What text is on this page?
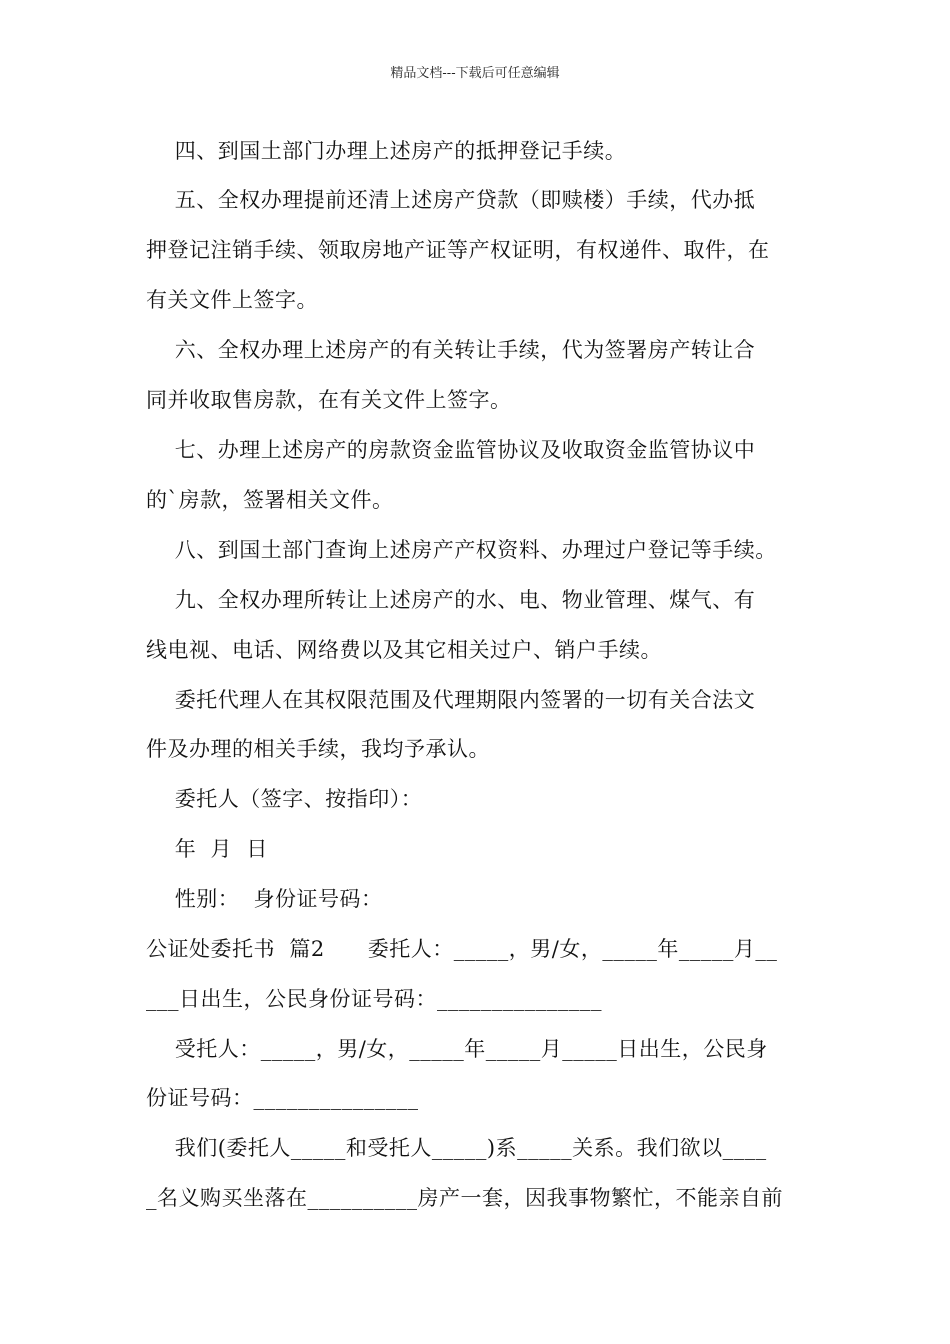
精品文档---下载后可任意编辑
四、到国土部门办理上述房产的抵押登记手续。
五、全权办理提前还清上述房产贷款（即赎楼）手续，代办抵
押登记注销手续、领取房地产证等产权证明，有权递件、取件，在
有关文件上签字。
六、全权办理上述房产的有关转让手续，代为签署房产转让合
同并收取售房款，在有关文件上签字。
七、办理上述房产的房款资金监管协议及收取资金监管协议中
的`房款，签署相关文件。
八、到国土部门查询上述房产产权资料、办理过户登记等手续。
九、全权办理所转让上述房产的水、电、物业管理、煤气、有
线电视、电话、网络费以及其它相关过户、销户手续。
委托代理人在其权限范围及代理期限内签署的一切有关合法文
件及办理的相关手续，我均予承认。
委托人（签字、按指印）：
年  月  日
性别：  身份证号码：
公证处委托书  篇2      委托人：_____，男/女，_____年_____月__
___日出生，公民身份证号码：_______________
受托人：_____，男/女，_____年_____月_____日出生，公民身
份证号码：_______________
我们(委托人_____和受托人_____)系_____关系。我们欲以____
_名义购买坐落在__________房产一套，因我事物繁忙，不能亲自前
